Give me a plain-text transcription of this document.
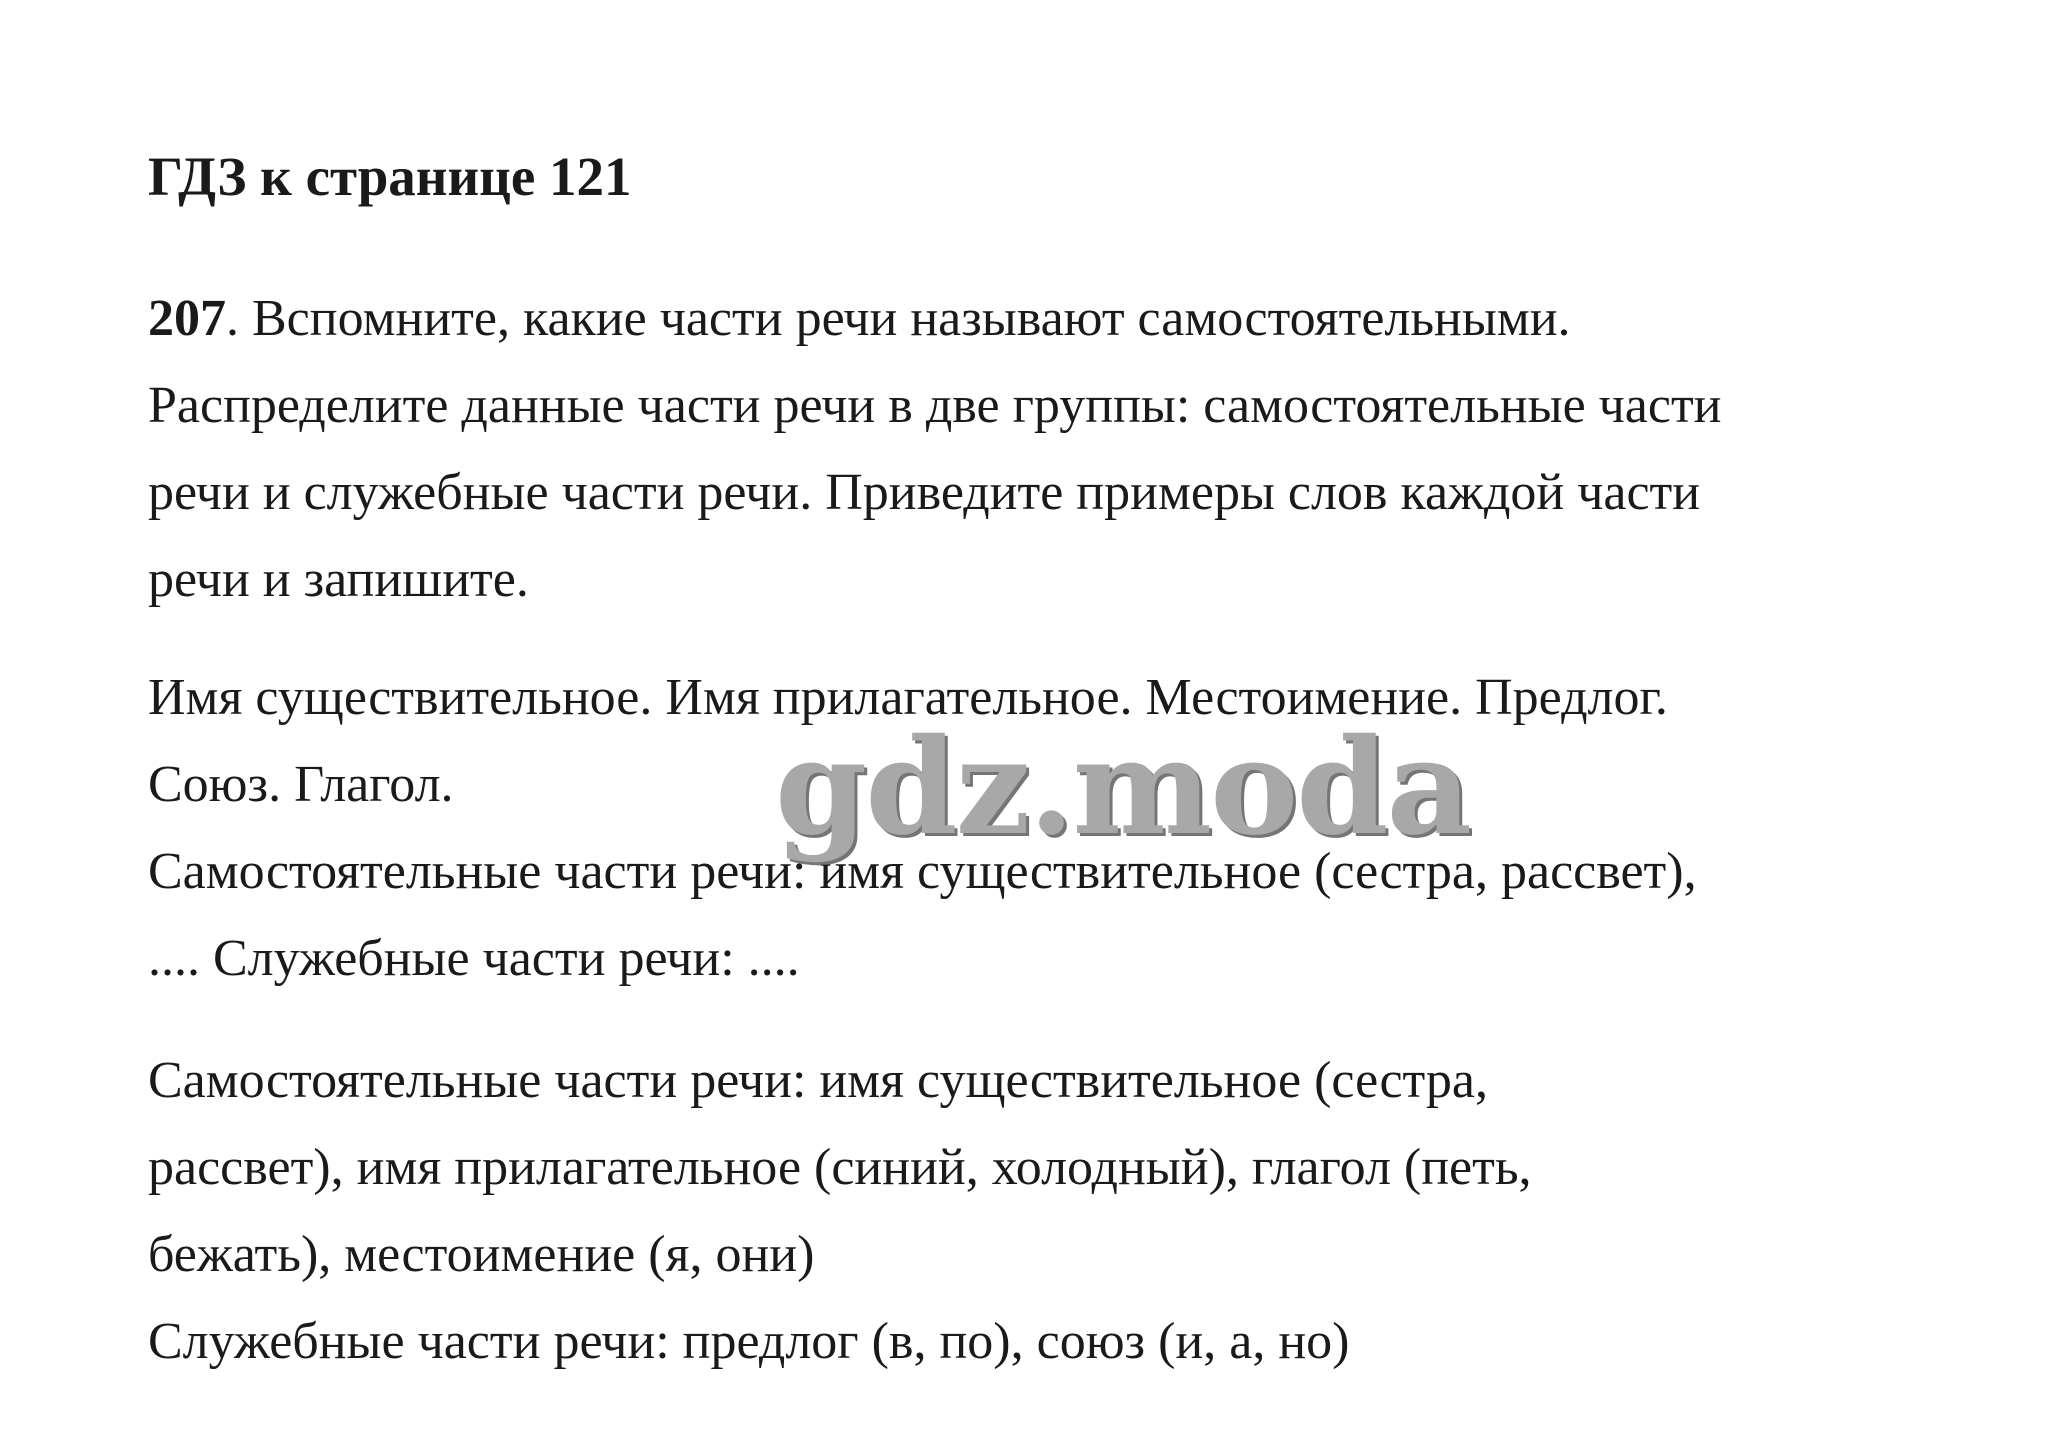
ГДЗ к странице 121
207. Вспомните, какие части речи называют самостоятельными.
Распределите данные части речи в две группы: самостоятельные части
речи и служебные части речи. Приведите примеры слов каждой части
речи и запишите.
Имя существительное. Имя прилагательное. Местоимение. Предлог.
Союз. Глагол.
Самостоятельные части речи: имя существительное (сестра, рассвет),
.... Служебные части речи: ....
Самостоятельные части речи: имя существительное (сестра,
рассвет), имя прилагательное (синий, холодный), глагол (петь,
бежать), местоимение (я, они)
Служебные части речи: предлог (в, по), союз (и, а, но)
gdz.moda
